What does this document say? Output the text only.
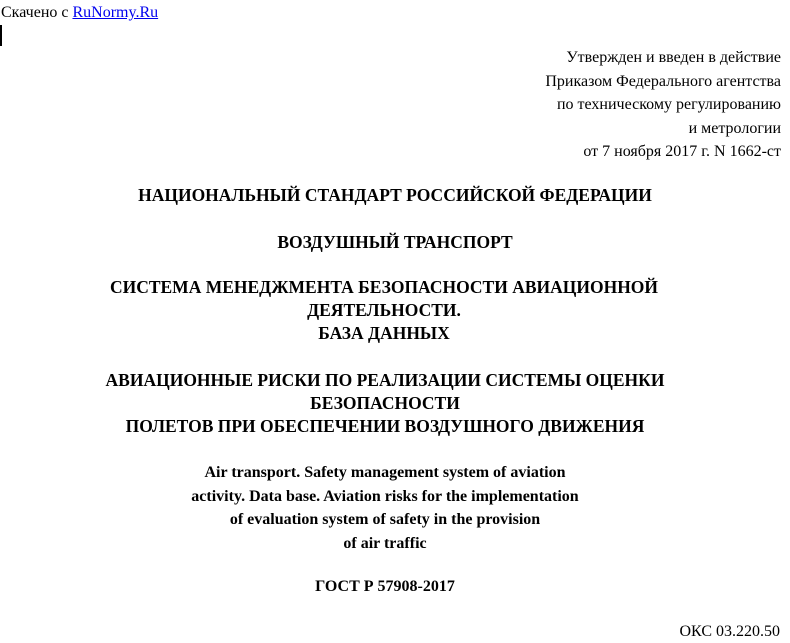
Скачено с RuNormy.Ru
Утвержден и введен в действие
Приказом Федерального агентства
по техническому регулированию
и метрологии
от 7 ноября 2017 г. N 1662-ст
НАЦИОНАЛЬНЫЙ СТАНДАРТ РОССИЙСКОЙ ФЕДЕРАЦИИ
ВОЗДУШНЫЙ ТРАНСПОРТ
СИСТЕМА МЕНЕДЖМЕНТА БЕЗОПАСНОСТИ АВИАЦИОННОЙ
ДЕЯТЕЛЬНОСТИ.
БАЗА ДАННЫХ
АВИАЦИОННЫЕ РИСКИ ПО РЕАЛИЗАЦИИ СИСТЕМЫ ОЦЕНКИ
БЕЗОПАСНОСТИ
ПОЛЕТОВ ПРИ ОБЕСПЕЧЕНИИ ВОЗДУШНОГО ДВИЖЕНИЯ
Air transport. Safety management system of aviation
activity. Data base. Aviation risks for the implementation
of evaluation system of safety in the provision
of air traffic
ГОСТ Р 57908-2017
ОКС 03.220.50
